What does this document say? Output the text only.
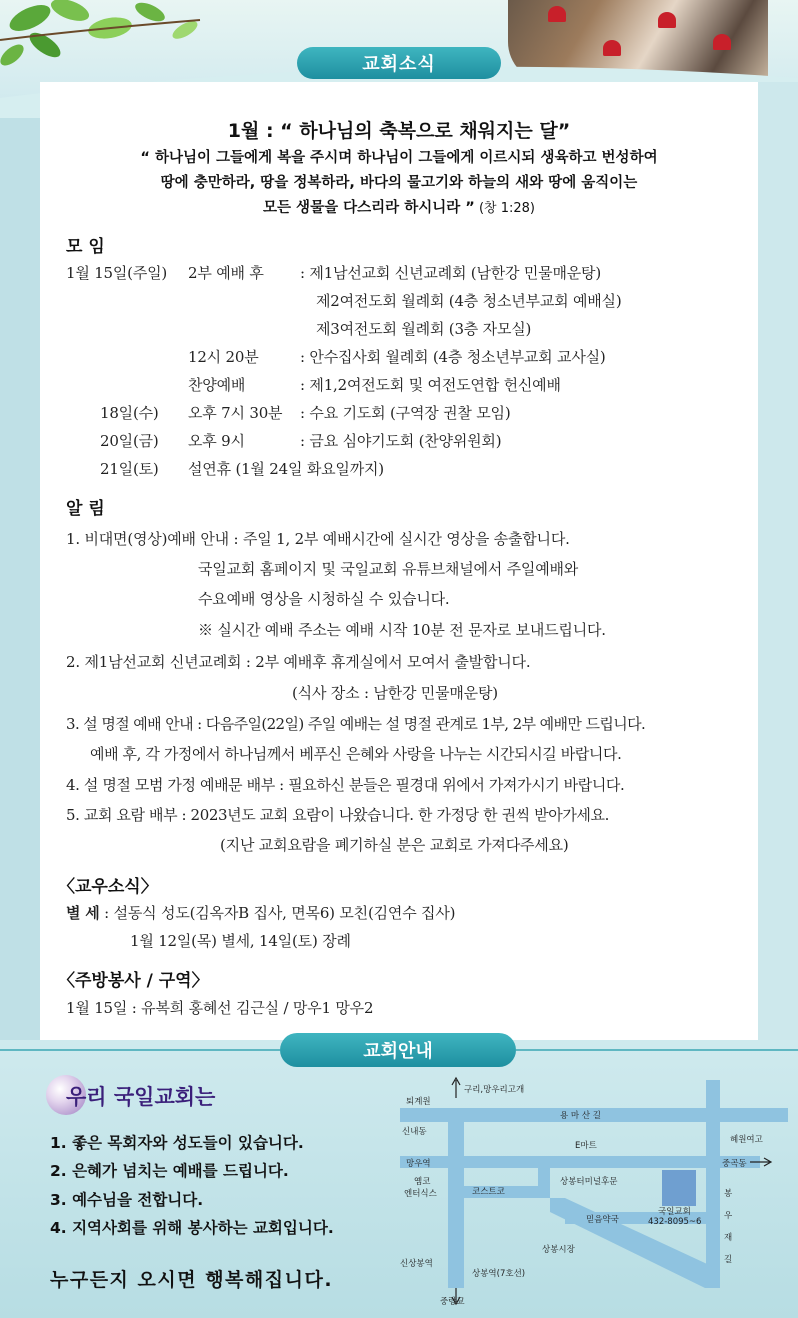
교회소식
1월 : “ 하나님의 축복으로 채워지는 달”
“ 하나님이 그들에게 복을 주시며 하나님이 그들에게 이르시되 생육하고 번성하여
땅에 충만하라, 땅을 정복하라, 바다의 물고기와 하늘의 새와 땅에 움직이는
모든 생물을 다스리라 하시니라 ” (창 1:28)
모 임
1월 15일(주일) 2부 예배 후 : 제1남선교회 신년교례회 (남한강 민물매운탕)
제2여전도회 월례회 (4층 청소년부교회 예배실)
제3여전도회 월례회 (3층 자모실)
12시 20분	: 안수집사회 월례회 (4층 청소년부교회 교사실)
찬양예배	: 제1,2여전도회 및 여전도연합 헌신예배
18일(수) 오후 7시 30분 : 수요 기도회 (구역장 권찰 모임)
20일(금) 오후 9시	: 금요 심야기도회 (찬양위원회)
21일(토) 설연휴 (1월 24일 화요일까지)
알 림
1. 비대면(영상)예배 안내 : 주일 1, 2부 예배시간에 실시간 영상을 송출합니다.
국일교회 홈페이지 및 국일교회 유튜브채널에서 주일예배와
수요예배 영상을 시청하실 수 있습니다.
※ 실시간 예배 주소는 예배 시작 10분 전 문자로 보내드립니다.
2. 제1남선교회 신년교례회 : 2부 예배후 휴게실에서 모여서 출발합니다.
(식사 장소 : 남한강 민물매운탕)
3. 설 명절 예배 안내 : 다음주일(22일) 주일 예배는 설 명절 관계로 1부, 2부 예배만 드립니다.
예배 후, 각 가정에서 하나님께서 베푸신 은혜와 사랑을 나누는 시간되시길 바랍니다.
4. 설 명절 모범 가정 예배문 배부 : 필요하신 분들은 필경대 위에서 가져가시기 바랍니다.
5. 교회 요람 배부 : 2023년도 교회 요람이 나왔습니다. 한 가정당 한 권씩 받아가세요.
(지난 교회요람을 폐기하실 분은 교회로 가져다주세요)
〈교우소식〉
별 세 : 설동식 성도(김옥자B 집사, 면목6) 모친(김연수 집사)
1월 12일(목) 별세, 14일(토) 장례
〈주방봉사 / 구역〉
1월 15일 : 유복희 홍혜선 김근실 / 망우1 망우2
교회안내
우리 국일교회는
1. 좋은 목회자와 성도들이 있습니다.
2. 은혜가 넘치는 예배를 드립니다.
3. 예수님을 전합니다.
4. 지역사회를 위해 봉사하는 교회입니다.
누구든지 오시면 행복해집니다.
구리,망우리고개
퇴계원
용 마 산 길
신내동
E마트
혜원여고
망우역	중곡동
옘코
엔터식스	코스트코
상봉터미널후문
국일교회
432-8095~6
믿음약국
봉
우
재
길
상봉시장
신상봉역
상봉역(7호선)
중랑교
